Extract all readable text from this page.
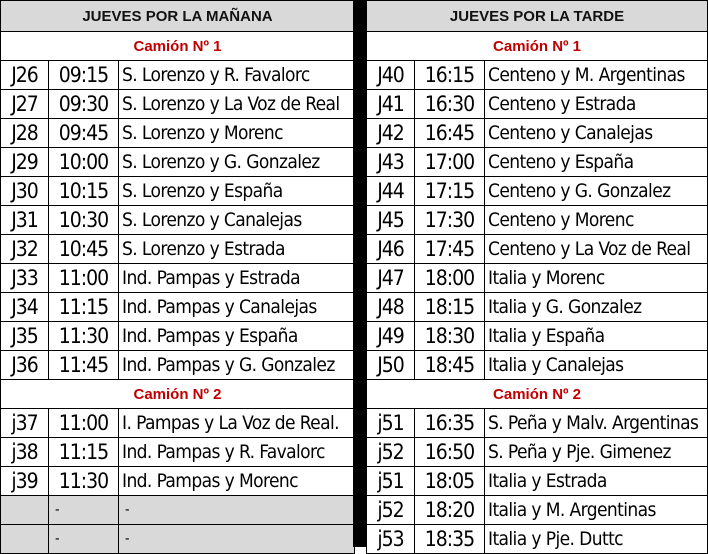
JUEVES POR LA MAÑANA		
Camión Nº 1		
J26	09:15	S. Lorenzo y R. Favalorc
J27	09:30	S. Lorenzo y La Voz de Real
J28	09:45	S. Lorenzo y Morenc
J29	10:00	S. Lorenzo y G. Gonzalez
J30	10:15	S. Lorenzo y España
J31	10:30	S. Lorenzo y Canalejas
J32	10:45	S. Lorenzo y Estrada
J33	11:00	Ind. Pampas y Estrada
J34	11:15	Ind. Pampas y Canalejas
J35	11:30	Ind. Pampas y España
J36	11:45	Ind. Pampas y G. Gonzalez
Camión Nº 2		
j37	11:00	I. Pampas y La Voz de Real.
j38	11:15	Ind. Pampas y R. Favalorc
j39	11:30	Ind. Pampas y Morenc
	-	-
	-	-
JUEVES POR LA TARDE		
Camión Nº 1		
J40	16:15	Centeno y M. Argentinas
J41	16:30	Centeno y Estrada
J42	16:45	Centeno y Canalejas
J43	17:00	Centeno y España
J44	17:15	Centeno y G. Gonzalez
J45	17:30	Centeno y Morenc
J46	17:45	Centeno y La Voz de Real
J47	18:00	Italia y Morenc
J48	18:15	Italia y G. Gonzalez
J49	18:30	Italia y España
J50	18:45	Italia y Canalejas
Camión Nº 2		
j51	16:35	S. Peña y Malv. Argentinas
j52	16:50	S. Peña y Pje. Gimenez
j51	18:05	Italia y Estrada
j52	18:20	Italia y M. Argentinas
j53	18:35	Italia y Pje. Duttc
